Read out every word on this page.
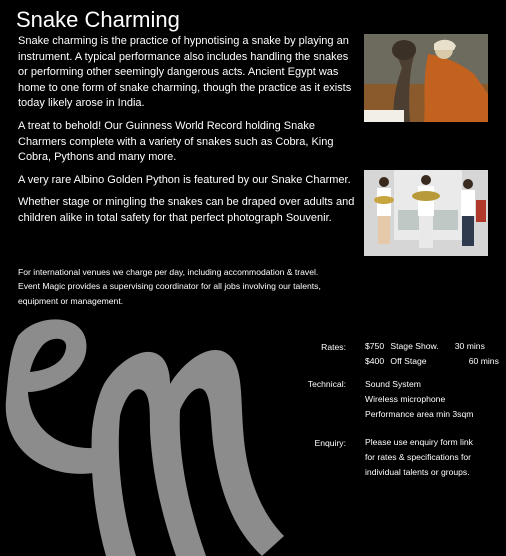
Snake Charming

Snake charming is the practice of hypnotising a snake by playing an instrument. A typical performance also includes handling the snakes or performing other seemingly dangerous acts. Ancient Egypt was home to one form of snake charming, though the practice as it exists today likely arose in India.

A treat to behold! Our Guinness World Record holding Snake Charmers complete with a variety of snakes such as Cobra, King Cobra, Pythons and many more.

A very rare Albino Golden Python is featured by our Snake Charmer.

Whether stage or mingling the snakes can be draped over adults and children alike in total safety for that perfect photograph Souvenir.

For international venues we charge per day, including accommodation & travel.
Event Magic provides a supervising coordinator for all jobs involving our talents,
equipment or management.
Rates: $750 Stage Show. 30 mins
$400 Off Stage	60 mins
Technical: Sound System
Wireless microphone
Performance area min 3sqm
Enquiry: Please use enquiry form link
for rates & specifications for
individual talents or groups.
